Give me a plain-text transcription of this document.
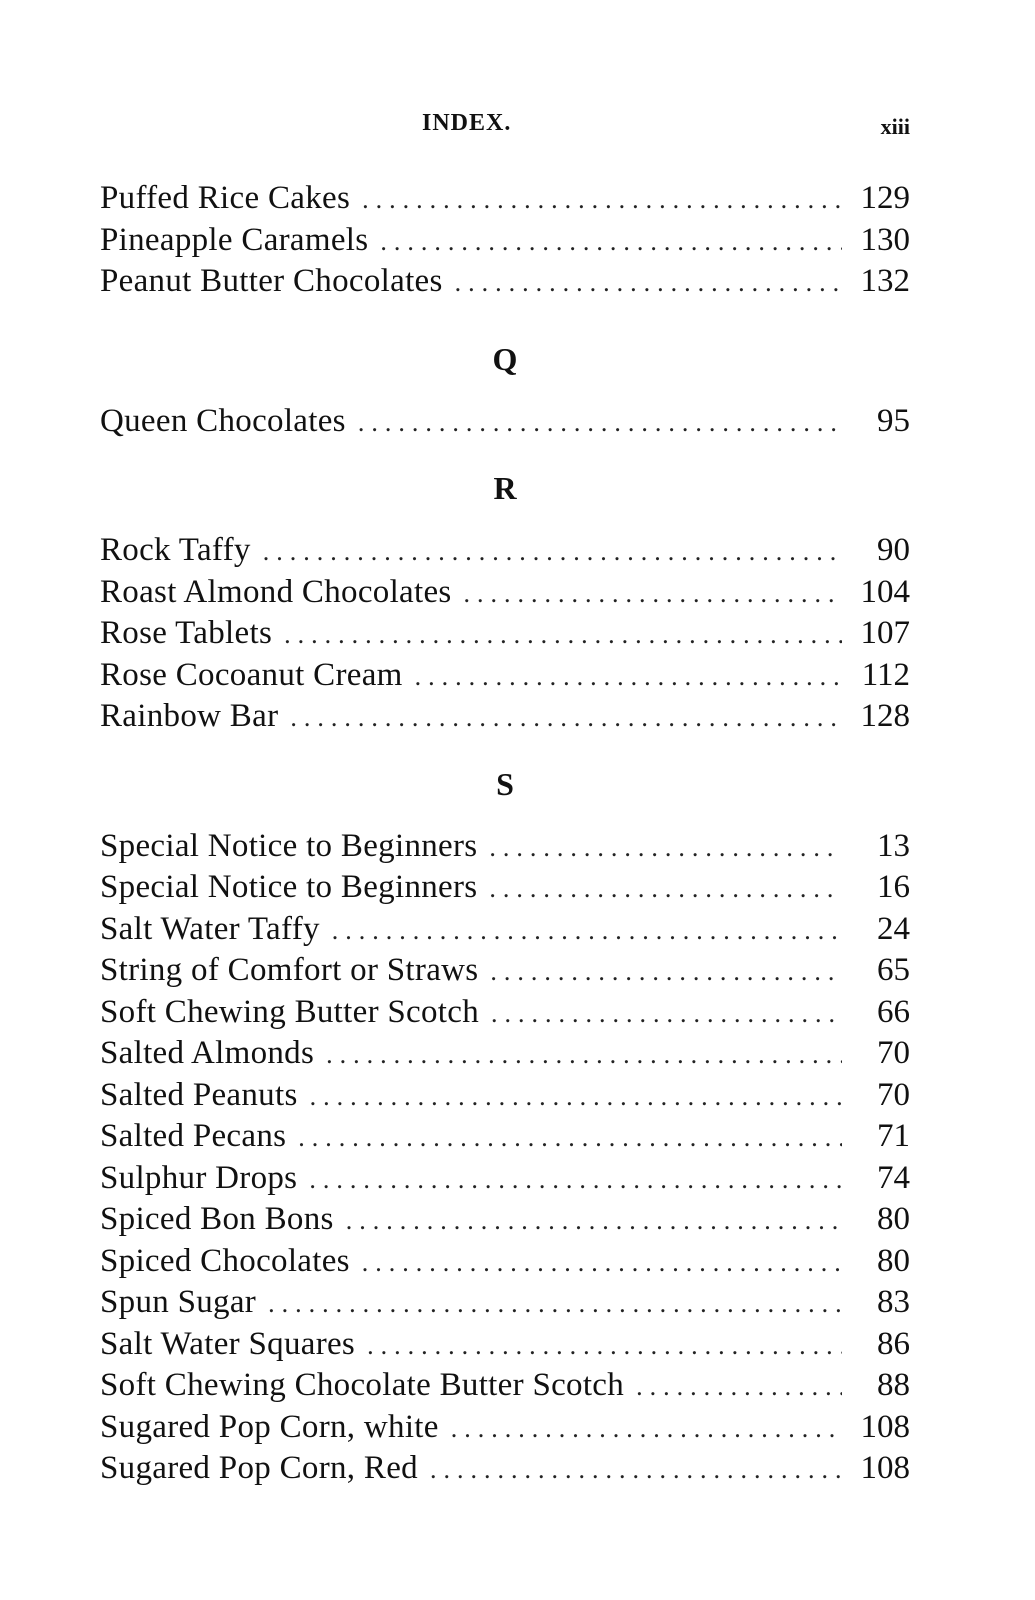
INDEX.	xiii
Puffed Rice Cakes .....	129
Pineapple Caramels .....	130
Peanut Butter Chocolates .....	132
Q
Queen Chocolates .....	95
R
Rock Taffy .....	90
Roast Almond Chocolates .....	104
Rose Tablets .....	107
Rose Cocoanut Cream .....	112
Rainbow Bar .....	128
S
Special Notice to Beginners .....	13
Special Notice to Beginners .....	16
Salt Water Taffy .....	24
String of Comfort or Straws .....	65
Soft Chewing Butter Scotch .....	66
Salted Almonds .....	70
Salted Peanuts .....	70
Salted Pecans .....	71
Sulphur Drops .....	74
Spiced Bon Bons .....	80
Spiced Chocolates .....	80
Spun Sugar .....	83
Salt Water Squares .....	86
Soft Chewing Chocolate Butter Scotch .....	88
Sugared Pop Corn, white .....	108
Sugared Pop Corn, Red .....	108
